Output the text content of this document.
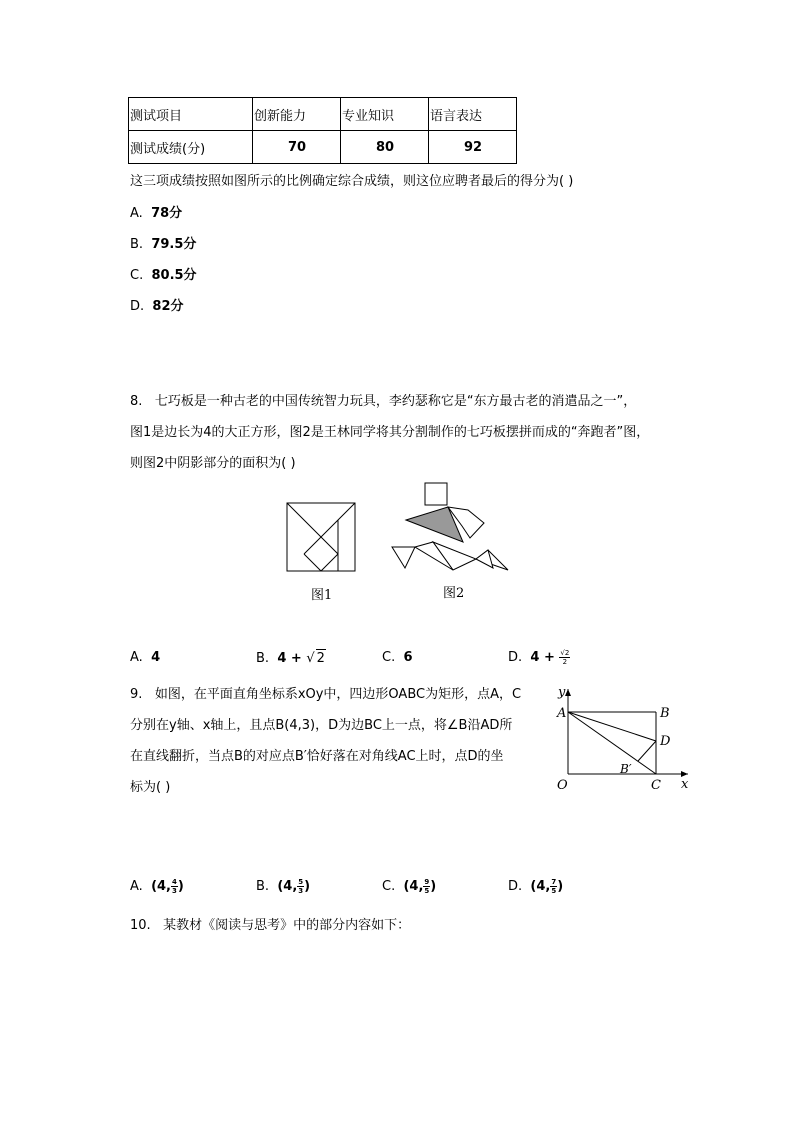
测试项目	创新能力	专业知识	语言表达
测试成绩(分)	70	80	92
这三项成绩按照如图所示的比例确定综合成绩，则这位应聘者最后的得分为( )
A. 78分
B. 79.5分
C. 80.5分
D. 82分
8. 七巧板是一种古老的中国传统智力玩具，李约瑟称它是“东方最古老的消遣品之一”，
图1是边长为4的大正方形，图2是王林同学将其分割制作的七巧板摆拼而成的“奔跑者”图，
则图2中阴影部分的面积为( )
图1	图2
A. 4	B. 4 + √ 2	C. 6	D. $4 + \frac{√2}{2}$
9. 如图，在平面直角坐标系xOy中，四边形OABC为矩形，点A，C
分别在y轴、x轴上，且点B(4,3)，D为边BC上一点，将∠B沿AD所
在直线翻折，当点B的对应点B′恰好落在对角线AC上时，点D的坐
标为( )
y
x
O
A	B
C
D
B′
A. (4, $\frac{4}{3}$ )	B. (4, $\frac{5}{3}$ )	C. (4, $\frac{9}{5}$ )	D. (4, $\frac{7}{5}$ )
10. 某教材《阅读与思考》中的部分内容如下：
